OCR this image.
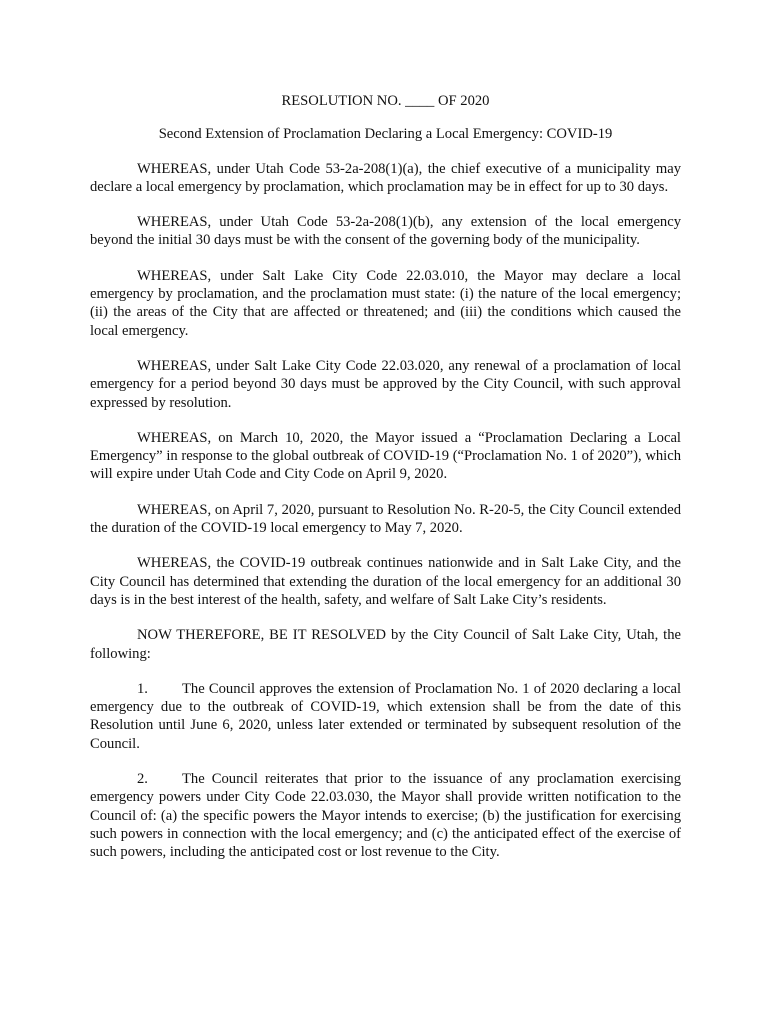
RESOLUTION NO. ____ OF 2020
Second Extension of Proclamation Declaring a Local Emergency: COVID-19

WHEREAS, under Utah Code 53-2a-208(1)(a), the chief executive of a municipality may declare a local emergency by proclamation, which proclamation may be in effect for up to 30 days.

WHEREAS, under Utah Code 53-2a-208(1)(b), any extension of the local emergency beyond the initial 30 days must be with the consent of the governing body of the municipality.

WHEREAS, under Salt Lake City Code 22.03.010, the Mayor may declare a local emergency by proclamation, and the proclamation must state: (i) the nature of the local emergency; (ii) the areas of the City that are affected or threatened; and (iii) the conditions which caused the local emergency.

WHEREAS, under Salt Lake City Code 22.03.020, any renewal of a proclamation of local emergency for a period beyond 30 days must be approved by the City Council, with such approval expressed by resolution.

WHEREAS, on March 10, 2020, the Mayor issued a “Proclamation Declaring a Local Emergency” in response to the global outbreak of COVID-19 (“Proclamation No. 1 of 2020”), which will expire under Utah Code and City Code on April 9, 2020.

WHEREAS, on April 7, 2020, pursuant to Resolution No. R-20-5, the City Council extended the duration of the COVID-19 local emergency to May 7, 2020.

WHEREAS, the COVID-19 outbreak continues nationwide and in Salt Lake City, and the City Council has determined that extending the duration of the local emergency for an additional 30 days is in the best interest of the health, safety, and welfare of Salt Lake City’s residents.

NOW THEREFORE, BE IT RESOLVED by the City Council of Salt Lake City, Utah, the following:

1. The Council approves the extension of Proclamation No. 1 of 2020 declaring a local emergency due to the outbreak of COVID-19, which extension shall be from the date of this Resolution until June 6, 2020, unless later extended or terminated by subsequent resolution of the Council.

2. The Council reiterates that prior to the issuance of any proclamation exercising emergency powers under City Code 22.03.030, the Mayor shall provide written notification to the Council of: (a) the specific powers the Mayor intends to exercise; (b) the justification for exercising such powers in connection with the local emergency; and (c) the anticipated effect of the exercise of such powers, including the anticipated cost or lost revenue to the City.
